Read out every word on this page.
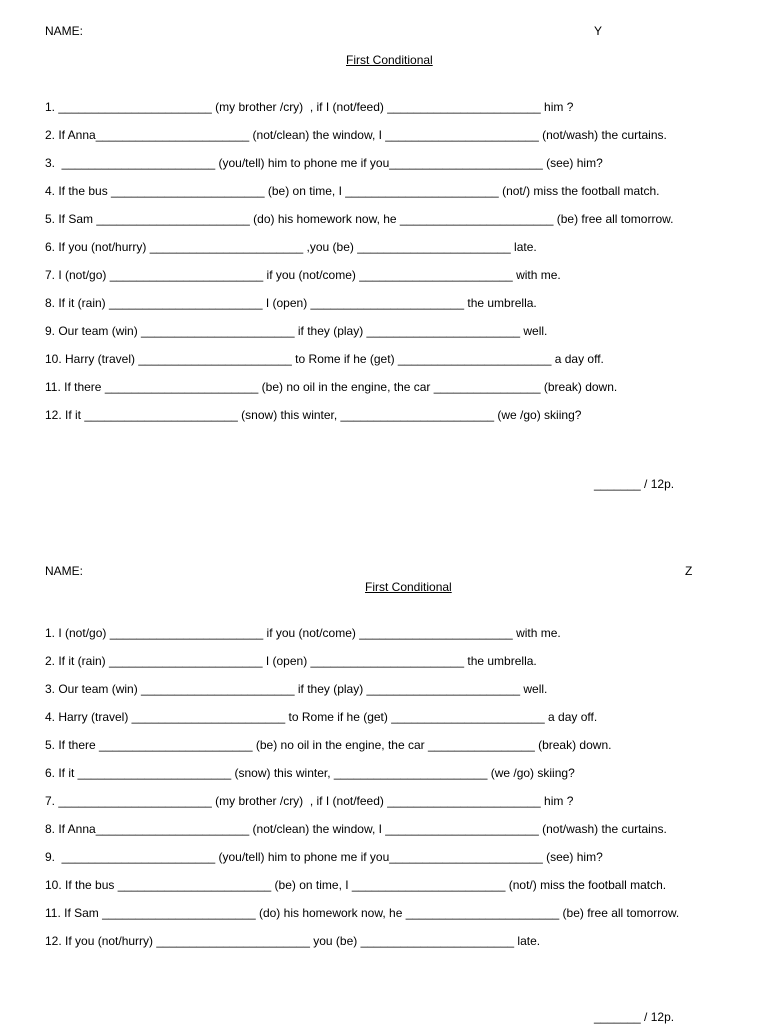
NAME:	Y
First Conditional
1. _______________________ (my brother /cry)  , if I (not/feed) _______________________ him ?
2. If Anna_______________________ (not/clean) the window, I _______________________ (not/wash) the curtains.
3.  _______________________ (you/tell) him to phone me if you_______________________ (see) him?
4. If the bus _______________________ (be) on time, I _______________________ (not/) miss the football match.
5. If Sam _______________________ (do) his homework now, he _______________________ (be) free all tomorrow.
6. If you (not/hurry) _______________________ ,you (be) _______________________ late.
7. I (not/go) _______________________ if you (not/come) _______________________ with me.
8. If it (rain) _______________________ I (open) _______________________ the umbrella.
9. Our team (win) _______________________ if they (play) _______________________ well.
10. Harry (travel) _______________________ to Rome if he (get) _______________________ a day off.
11. If there _______________________ (be) no oil in the engine, the car ________________ (break) down.
12. If it _______________________ (snow) this winter, _______________________ (we /go) skiing?
_______ / 12p.
NAME:	Z
First Conditional
1. I (not/go) _______________________ if you (not/come) _______________________ with me.
2. If it (rain) _______________________ I (open) _______________________ the umbrella.
3. Our team (win) _______________________ if they (play) _______________________ well.
4. Harry (travel) _______________________ to Rome if he (get) _______________________ a day off.
5. If there _______________________ (be) no oil in the engine, the car ________________ (break) down.
6. If it _______________________ (snow) this winter, _______________________ (we /go) skiing?
7. _______________________ (my brother /cry)  , if I (not/feed) _______________________ him ?
8. If Anna_______________________ (not/clean) the window, I _______________________ (not/wash) the curtains.
9.  _______________________ (you/tell) him to phone me if you_______________________ (see) him?
10. If the bus _______________________ (be) on time, I _______________________ (not/) miss the football match.
11. If Sam _______________________ (do) his homework now, he _______________________ (be) free all tomorrow.
12. If you (not/hurry) _______________________ you (be) _______________________ late.
_______ / 12p.
